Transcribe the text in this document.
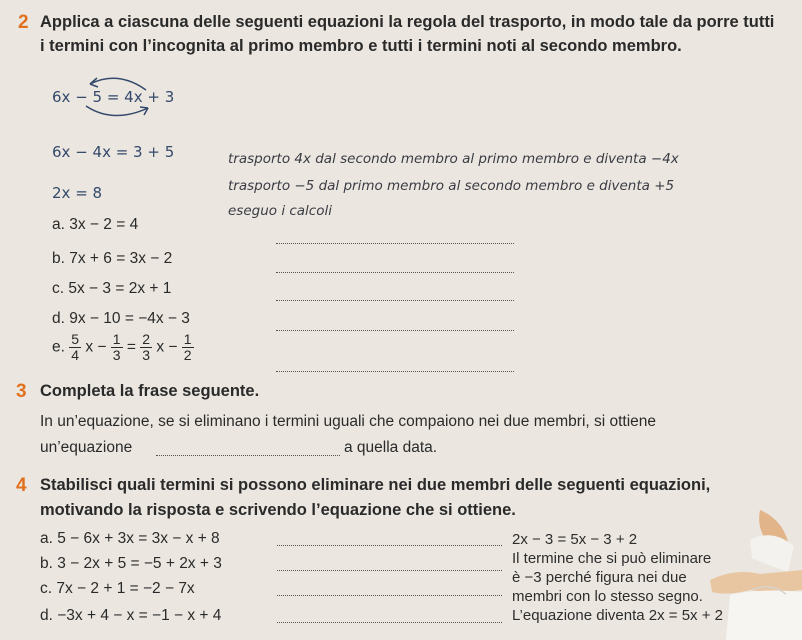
2 Applica a ciascuna delle seguenti equazioni la regola del trasporto, in modo tale da porre tutti
i termini con l’incognita al primo membro e tutti i termini noti al secondo membro.
6x − 5 = 4x + 3
6x − 4x = 3 + 5
2x = 8
trasporto 4x dal secondo membro al primo membro e diventa −4x
trasporto −5 dal primo membro al secondo membro e diventa +5
eseguo i calcoli
a. 3x − 2 = 4
b. 7x + 6 = 3x − 2
c. 5x − 3 = 2x + 1
d. 9x − 10 = −4x − 3
e. $\frac{5}{4}$ $x - \frac{1}{3} = \frac{2}{3}$ $x - \frac{1}{2}$
3 Completa la frase seguente.
In un’equazione, se si eliminano i termini uguali che compaiono nei due membri, si ottiene
un’equazione	a quella data.
4 Stabilisci quali termini si possono eliminare nei due membri delle seguenti equazioni,
motivando la risposta e scrivendo l’equazione che si ottiene.
a. 5 − 6x + 3x = 3x − x + 8
b. 3 − 2x + 5 = −5 + 2x + 3
c. 7x − 2 + 1 = −2 − 7x
d. −3x + 4 − x = −1 − x + 4
2x − 3 = 5x − 3 + 2
Il termine che si può eliminare
è −3 perché figura nei due
membri con lo stesso segno.
L’equazione diventa 2x = 5x + 2
